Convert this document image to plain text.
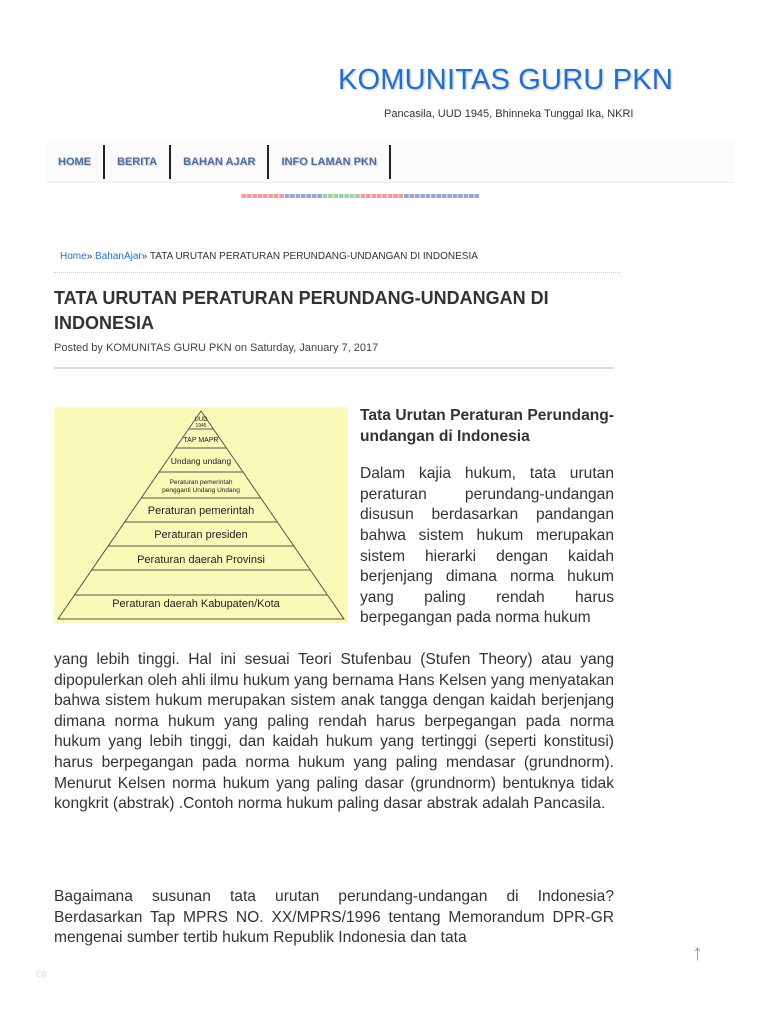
KOMUNITAS GURU PKN
Pancasila, UUD 1945, Bhinneka Tunggal Ika, NKRI
HOME	BERITA	BAHAN AJAR	INFO LAMAN PKN
============================================
Home» BahanAjar» TATA URUTAN PERATURAN PERUNDANG-UNDANGAN DI INDONESIA
TATA URUTAN PERATURAN PERUNDANG-UNDANGAN DI INDONESIA
Posted by KOMUNITAS GURU PKN on Saturday, January 7, 2017
UUD
1945
TAP MAPR
Undang undang
Peraturan pemerintah
pengganti Undang Undang
Peraturan pemerintah
Peraturan presiden
Peraturan daerah Provinsi
Peraturan daerah Kabupaten/Kota

Tata Urutan Peraturan Perundang-undangan di Indonesia

Dalam kajia hukum, tata urutan peraturan perundang-undangan disusun berdasarkan pandangan bahwa sistem hukum merupakan sistem hierarki dengan kaidah berjenjang dimana norma hukum yang paling rendah harus berpegangan pada norma hukum

yang lebih tinggi. Hal ini sesuai Teori Stufenbau (Stufen Theory) atau yang dipopulerkan oleh ahli ilmu hukum yang bernama Hans Kelsen yang menyatakan bahwa sistem hukum merupakan sistem anak tangga dengan kaidah berjenjang dimana norma hukum yang paling rendah harus berpegangan pada norma hukum yang lebih tinggi, dan kaidah hukum yang tertinggi (seperti konstitusi) harus berpegangan pada norma hukum yang paling mendasar (grundnorm). Menurut Kelsen norma hukum yang paling dasar (grundnorm) bentuknya tidak kongkrit (abstrak) .Contoh norma hukum paling dasar abstrak adalah Pancasila.

Bagaimana susunan tata urutan perundang-undangan di Indonesia? Berdasarkan Tap MPRS NO. XX/MPRS/1996 tentang Memorandum DPR-GR mengenai sumber tertib hukum Republik Indonesia dan tata

↑
C8
